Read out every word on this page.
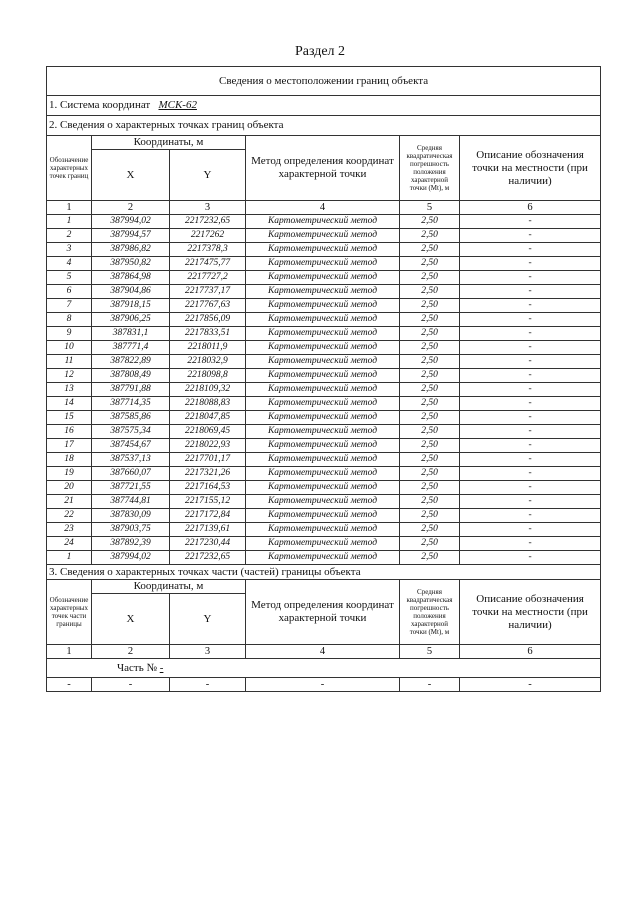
Раздел 2
Сведения о местоположении границ объекта					
1. Система координат МСК-62					
2. Сведения о характерных точках границ объекта					
Обозначение характерных точек границ	Координаты, м		Метод определения координат характерной точки	Средняя квадратическая погрешность положения характерной точки (Мt), м	Описание обозначения точки на местности (при наличии)
	X	Y			
1	2	3	4	5	6
1	387994,02	2217232,65	Картометрический метод	2,50	-
2	387994,57	2217262	Картометрический метод	2,50	-
3	387986,82	2217378,3	Картометрический метод	2,50	-
4	387950,82	2217475,77	Картометрический метод	2,50	-
5	387864,98	2217727,2	Картометрический метод	2,50	-
6	387904,86	2217737,17	Картометрический метод	2,50	-
7	387918,15	2217767,63	Картометрический метод	2,50	-
8	387906,25	2217856,09	Картометрический метод	2,50	-
9	387831,1	2217833,51	Картометрический метод	2,50	-
10	387771,4	2218011,9	Картометрический метод	2,50	-
11	387822,89	2218032,9	Картометрический метод	2,50	-
12	387808,49	2218098,8	Картометрический метод	2,50	-
13	387791,88	2218109,32	Картометрический метод	2,50	-
14	387714,35	2218088,83	Картометрический метод	2,50	-
15	387585,86	2218047,85	Картометрический метод	2,50	-
16	387575,34	2218069,45	Картометрический метод	2,50	-
17	387454,67	2218022,93	Картометрический метод	2,50	-
18	387537,13	2217701,17	Картометрический метод	2,50	-
19	387660,07	2217321,26	Картометрический метод	2,50	-
20	387721,55	2217164,53	Картометрический метод	2,50	-
21	387744,81	2217155,12	Картометрический метод	2,50	-
22	387830,09	2217172,84	Картометрический метод	2,50	-
23	387903,75	2217139,61	Картометрический метод	2,50	-
24	387892,39	2217230,44	Картометрический метод	2,50	-
1	387994,02	2217232,65	Картометрический метод	2,50	-
3. Сведения о характерных точках части (частей) границы объекта					
Обозначение характерных точек части границы	Координаты, м		Метод определения координат характерной точки	Средняя квадратическая погрешность положения характерной точки (Мt), м	Описание обозначения точки на местности (при наличии)
	X	Y			
1	2	3	4	5	6
Часть № -					
-	-	-	-	-	-
